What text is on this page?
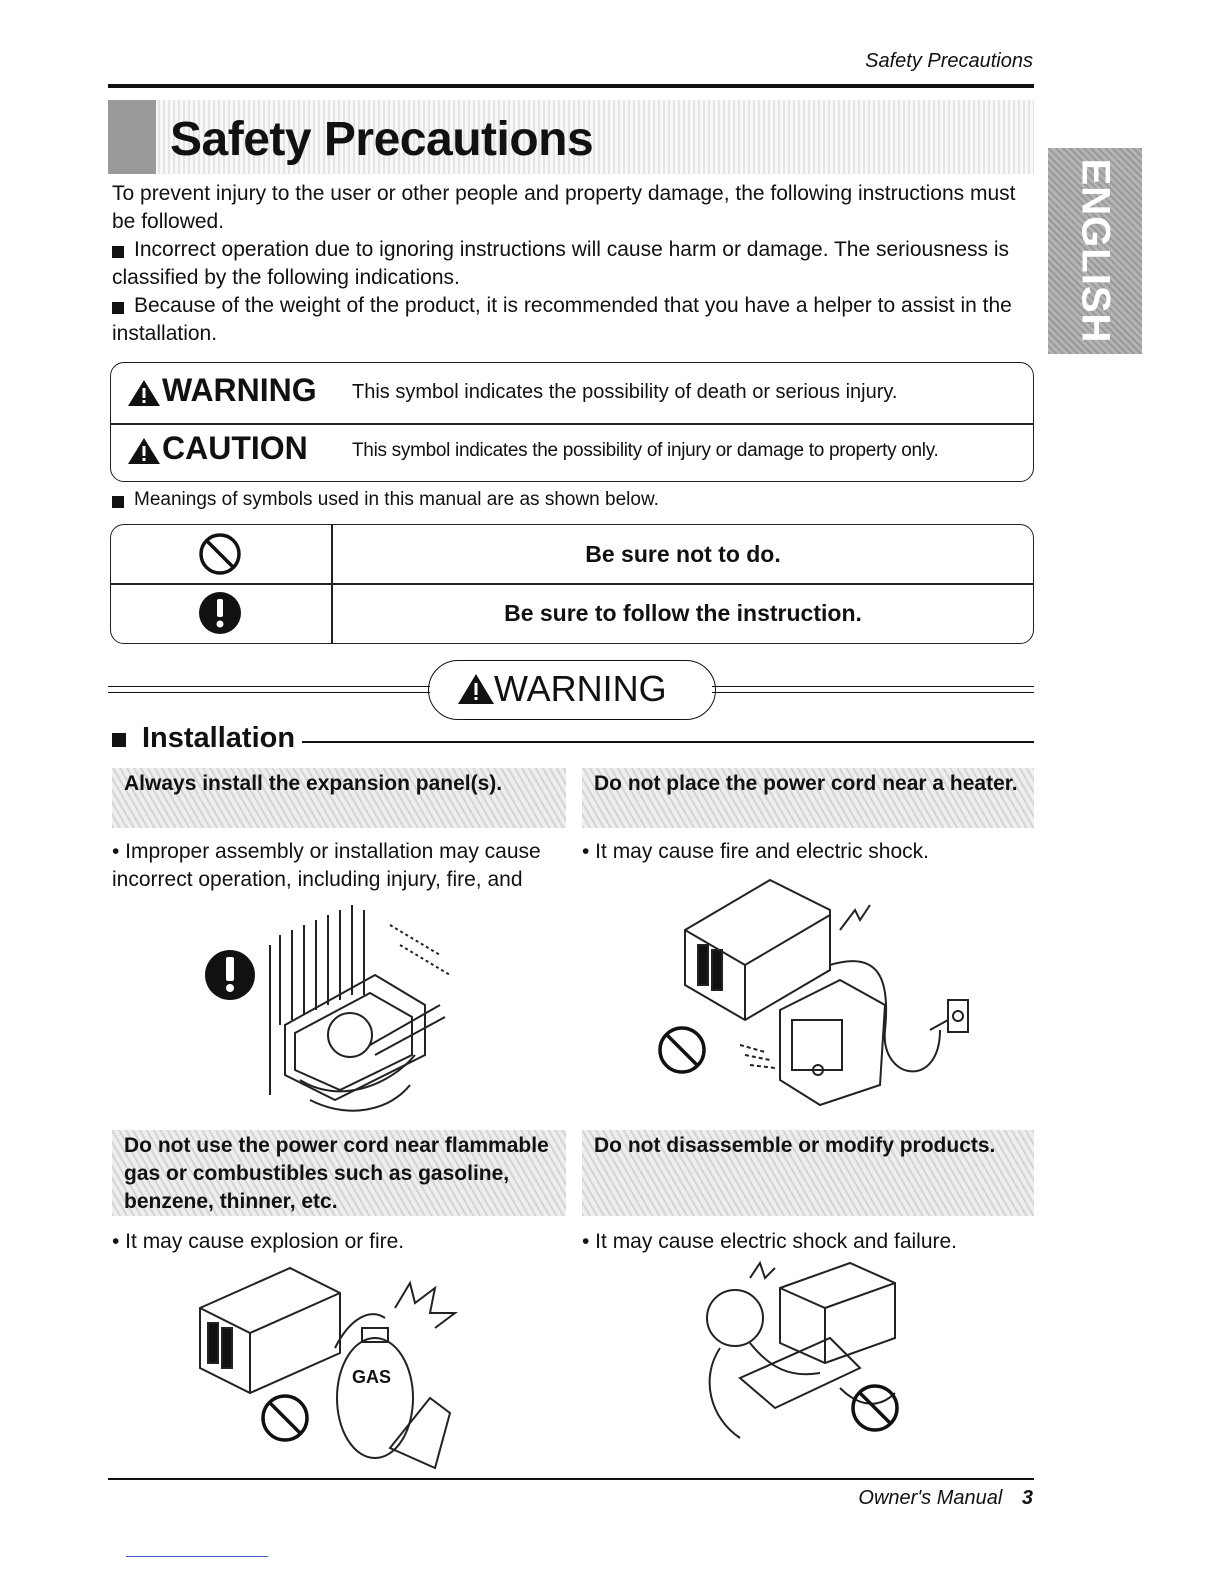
Safety Precautions
Safety Precautions
ENGLISH
To prevent injury to the user or other people and property damage, the following instructions must be followed.
Incorrect operation due to ignoring instructions will cause harm or damage. The seriousness is classified by the following indications.
Because of the weight of the product, it is recommended that you have a helper to assist in the installation.
WARNING This symbol indicates the possibility of death or serious injury.
CAUTION This symbol indicates the possibility of injury or damage to property only.
Meanings of symbols used in this manual are as shown below.
Be sure not to do.
Be sure to follow the instruction.
WARNING
Installation
Always install the expansion panel(s).
• Improper assembly or installation may cause incorrect operation, including injury, fire, and
Do not place the power cord near a heater.
• It may cause fire and electric shock.
Do not use the power cord near flammable gas or combustibles such as gasoline, benzene, thinner, etc.
• It may cause explosion or fire.
GAS
Do not disassemble or modify products.
• It may cause electric shock and failure.
Owner's Manual 3
